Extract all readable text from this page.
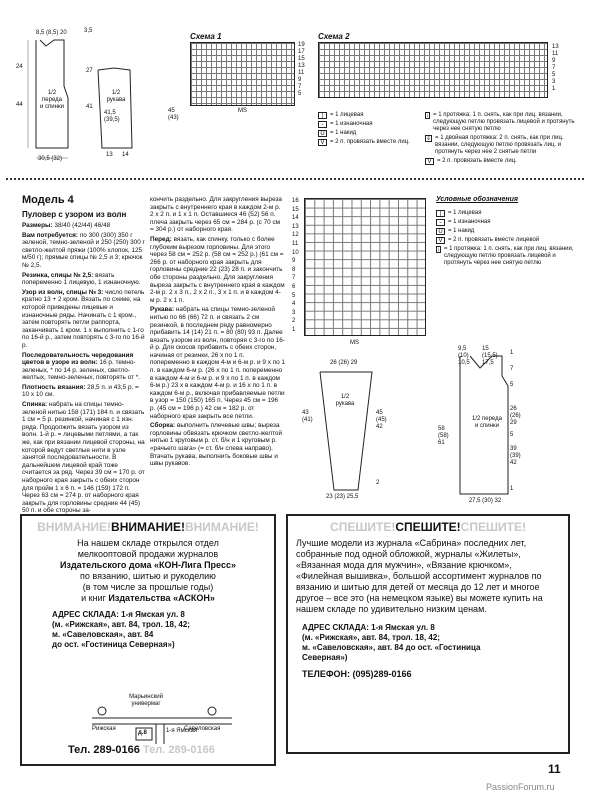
8,5 (8,5) 20	3,5
24
27
44	41
41,5 (39,5)
45 (43)
30,5 (32)
13 14
1/2 переда и спинки
1/2 рукава
Схема 1
19
17
15
13
11
9
7
5
MS
Схема 2
13
11
9
7
5
3
1
|	= 1 лицевая
-	= 1 изнаночная
U = 1 накид
V = 2 п. провязать вместе лиц.
↓ = 1 протяжка: 1 п. снять, как при лиц. вязании, следующую петлю провязать лицевой и протянуть через нее снятую петлю
⇓ = 1 двойная протяжка: 2 п. снять, как при лиц. вязании, следующую петлю провязать лиц. и протянуть через нее 2 снятые петли
V = 2 п. провязать вместе лиц.
Модель 4
Пуловер с узором из волн

Размеры: 38/40 (42/44) 46/48

Вам потребуется: по 300 (300) 350 г зеленой, темно-зеленой и 250 (250) 300 г светло-желтой пряжи (100% хлопок, 125 м/50 г); прямые спицы № 2,5 и 3; крючок № 2,5.

Резинка, спицы № 2,5: вязать попеременно 1 лицевую, 1 изнаночную.

Узор из волн, спицы № 3: число петель кратно 13 + 2 кром. Вязать по схеме, на которой приведены лицевые и изнаночные ряды. Начинать с 1 кром., затем повторять петли раппорта, заканчивать 1 кром. 1 x выполнить с 1-го по 16-й р., затем повторять с 3-го по 16-й р.

Последовательность чередования цветов в узоре из волн: 16 р. темно-зеленых, * по 14 р. зеленых, светло-желтых, темно-зеленых, повторять от *.

Плотность вязания: 28,5 п. и 43,5 р. = 10 x 10 см.

Спинка: набрать на спицы темно-зеленой нитью 158 (171) 184 п. и связать 1 см = 5 р. резинкой, начиная с 1 изн. ряда. Продолжить вязать узором из волн. 1-й р. = лицевыми петлями, а так же, как при вязании лицевой стороны, на которой ведут светлые нити в узле занятой последовательности. В дальнейшем лицевой край тоже считается за ряд. Через 39 см = 170 р. от наборного края закрыть с обеих сторон для пройм 1 x 6 п. = 146 (159) 172 п. Через 63 см = 274 р. от наборного края закрыть для горловины средние 44 (45) 50 п. и обе стороны за-

кончить раздельно. Для закругления выреза закрыть с внутреннего края в каждом 2-м р. 2 x 2 п. и 1 x 1 п. Оставшиеся 46 (52) 56 п. плеча закрыть через 65 см = 284 р. (с 70 см = 304 р.) от наборного края.

Перед: вязать, как спинку, только с более глубоким вырезом горловины. Для этого через 58 см = 252 р. (58 см = 252 р.) (61 см = 266 р. от наборного края закрыть для горловины средние 22 (23) 28 п. и закончить обе стороны раздельно. Для закругления выреза закрыть с внутреннего края в каждом 2-м р. 2 x 3 п., 2 x 2 п., 3 x 1 п. и в каждом 4-м р. 2 x 1 п.

Рукава: набрать на спицы темно-зеленой нитью по 66 (66) 72 п. и связать 2 см резинкой, в последнем ряду равномерно прибавить 14 (14) 21 п. = 80 (80) 93 п. Далее вязать узором из волн, повторяя с 3-го по 16-й р. Для скосов прибавить с обеих сторон, начиная от резинки, 26 x по 1 п. попеременно в каждом 4-м и 6-м р. и 9 x по 1 п. в каждом 6-м р. (26 x по 1 п. попеременно в каждом 4-м и 6-м р. и 9 x по 1 п. в каждом 6-м р.) 23 x в каждом 4-м р. и 16 x по 1 п. в каждом 6-м р., включая прибавляемые петли в узор = 150 (150) 165 п. Через 45 см = 196 р. (45 см = 196 р.) 42 см = 182 р. от наборного края закрыть все петли.

Сборка: выполнить плечевые швы; выреза горловины обвязать крючком светло-желтой нитью 1 круговым р. ст. б/н и 1 круговым р. «рачьего шага» (= ст. б/н слева направо). Втачать рукава, выполнить боковые швы и швы рукавов.

16
15
14
13
12
11
10
9
8
7
6
5
4
3
2
1
MS
Условные обозначения
|	= 1 лицевая
-	= 1 изнаночная
U = 1 накид
V = 2 п. провязать вместе лицевой
↓ = 1 протяжка: 1 п. снять, как при лиц. вязании, следующую петлю провязать лицевой и протянуть через нее снятую петлю
26 (26) 29
43 (41)
45 (45) 42
2
23 (23) 25,5
1/2 рукава
9,5 (10) 10,5
15 (15,5) 17,5
1
7
5
26 (26) 29
58 (58) 61
5
39 (39) 42
1
27,5 (30) 32
1/2 переда и спинки
ВНИМАНИЕ!ВНИМАНИЕ!ВНИМАНИЕ!
На нашем складе открылся отдел
мелкооптовой продажи журналов
Издательского дома «КОН-Лига Пресс»
по вязанию, шитью и рукоделию
(в том числе за прошлые годы)
и книг Издательства «АСКОН»
АДРЕС СКЛАДА: 1-я Ямская ул. 8
(м. «Рижская», авт. 84, трол. 18, 42;
м. «Савеловская», авт. 84
до ост. «Гостиница Северная»)
Марьинский универмаг
Рижская	Савеловская
д.8	1-я Ямская
Тел. 289-0166 Тел. 289-0166
СПЕШИТЕ!СПЕШИТЕ!СПЕШИТЕ!
Лучшие модели из журнала «Сабрина» последних лет, собранные под одной обложкой, журналы «Жилеты», «Вязанная мода для мужчин», «Вязание крючком», «Филейная вышивка», большой ассортимент журналов по вязанию и шитью для детей от месяца до 12 лет и многое другое – все это (на немецком языке) вы можете купить на нашем складе по удивительно низким ценам.
АДРЕС СКЛАДА: 1-я Ямская ул. 8
(м. «Рижская», авт. 84, трол. 18, 42;
м. «Савеловская», авт. 84 до ост. «Гостиница
Северная»)
ТЕЛЕФОН: (095)289-0166
11
PassionForum.ru
